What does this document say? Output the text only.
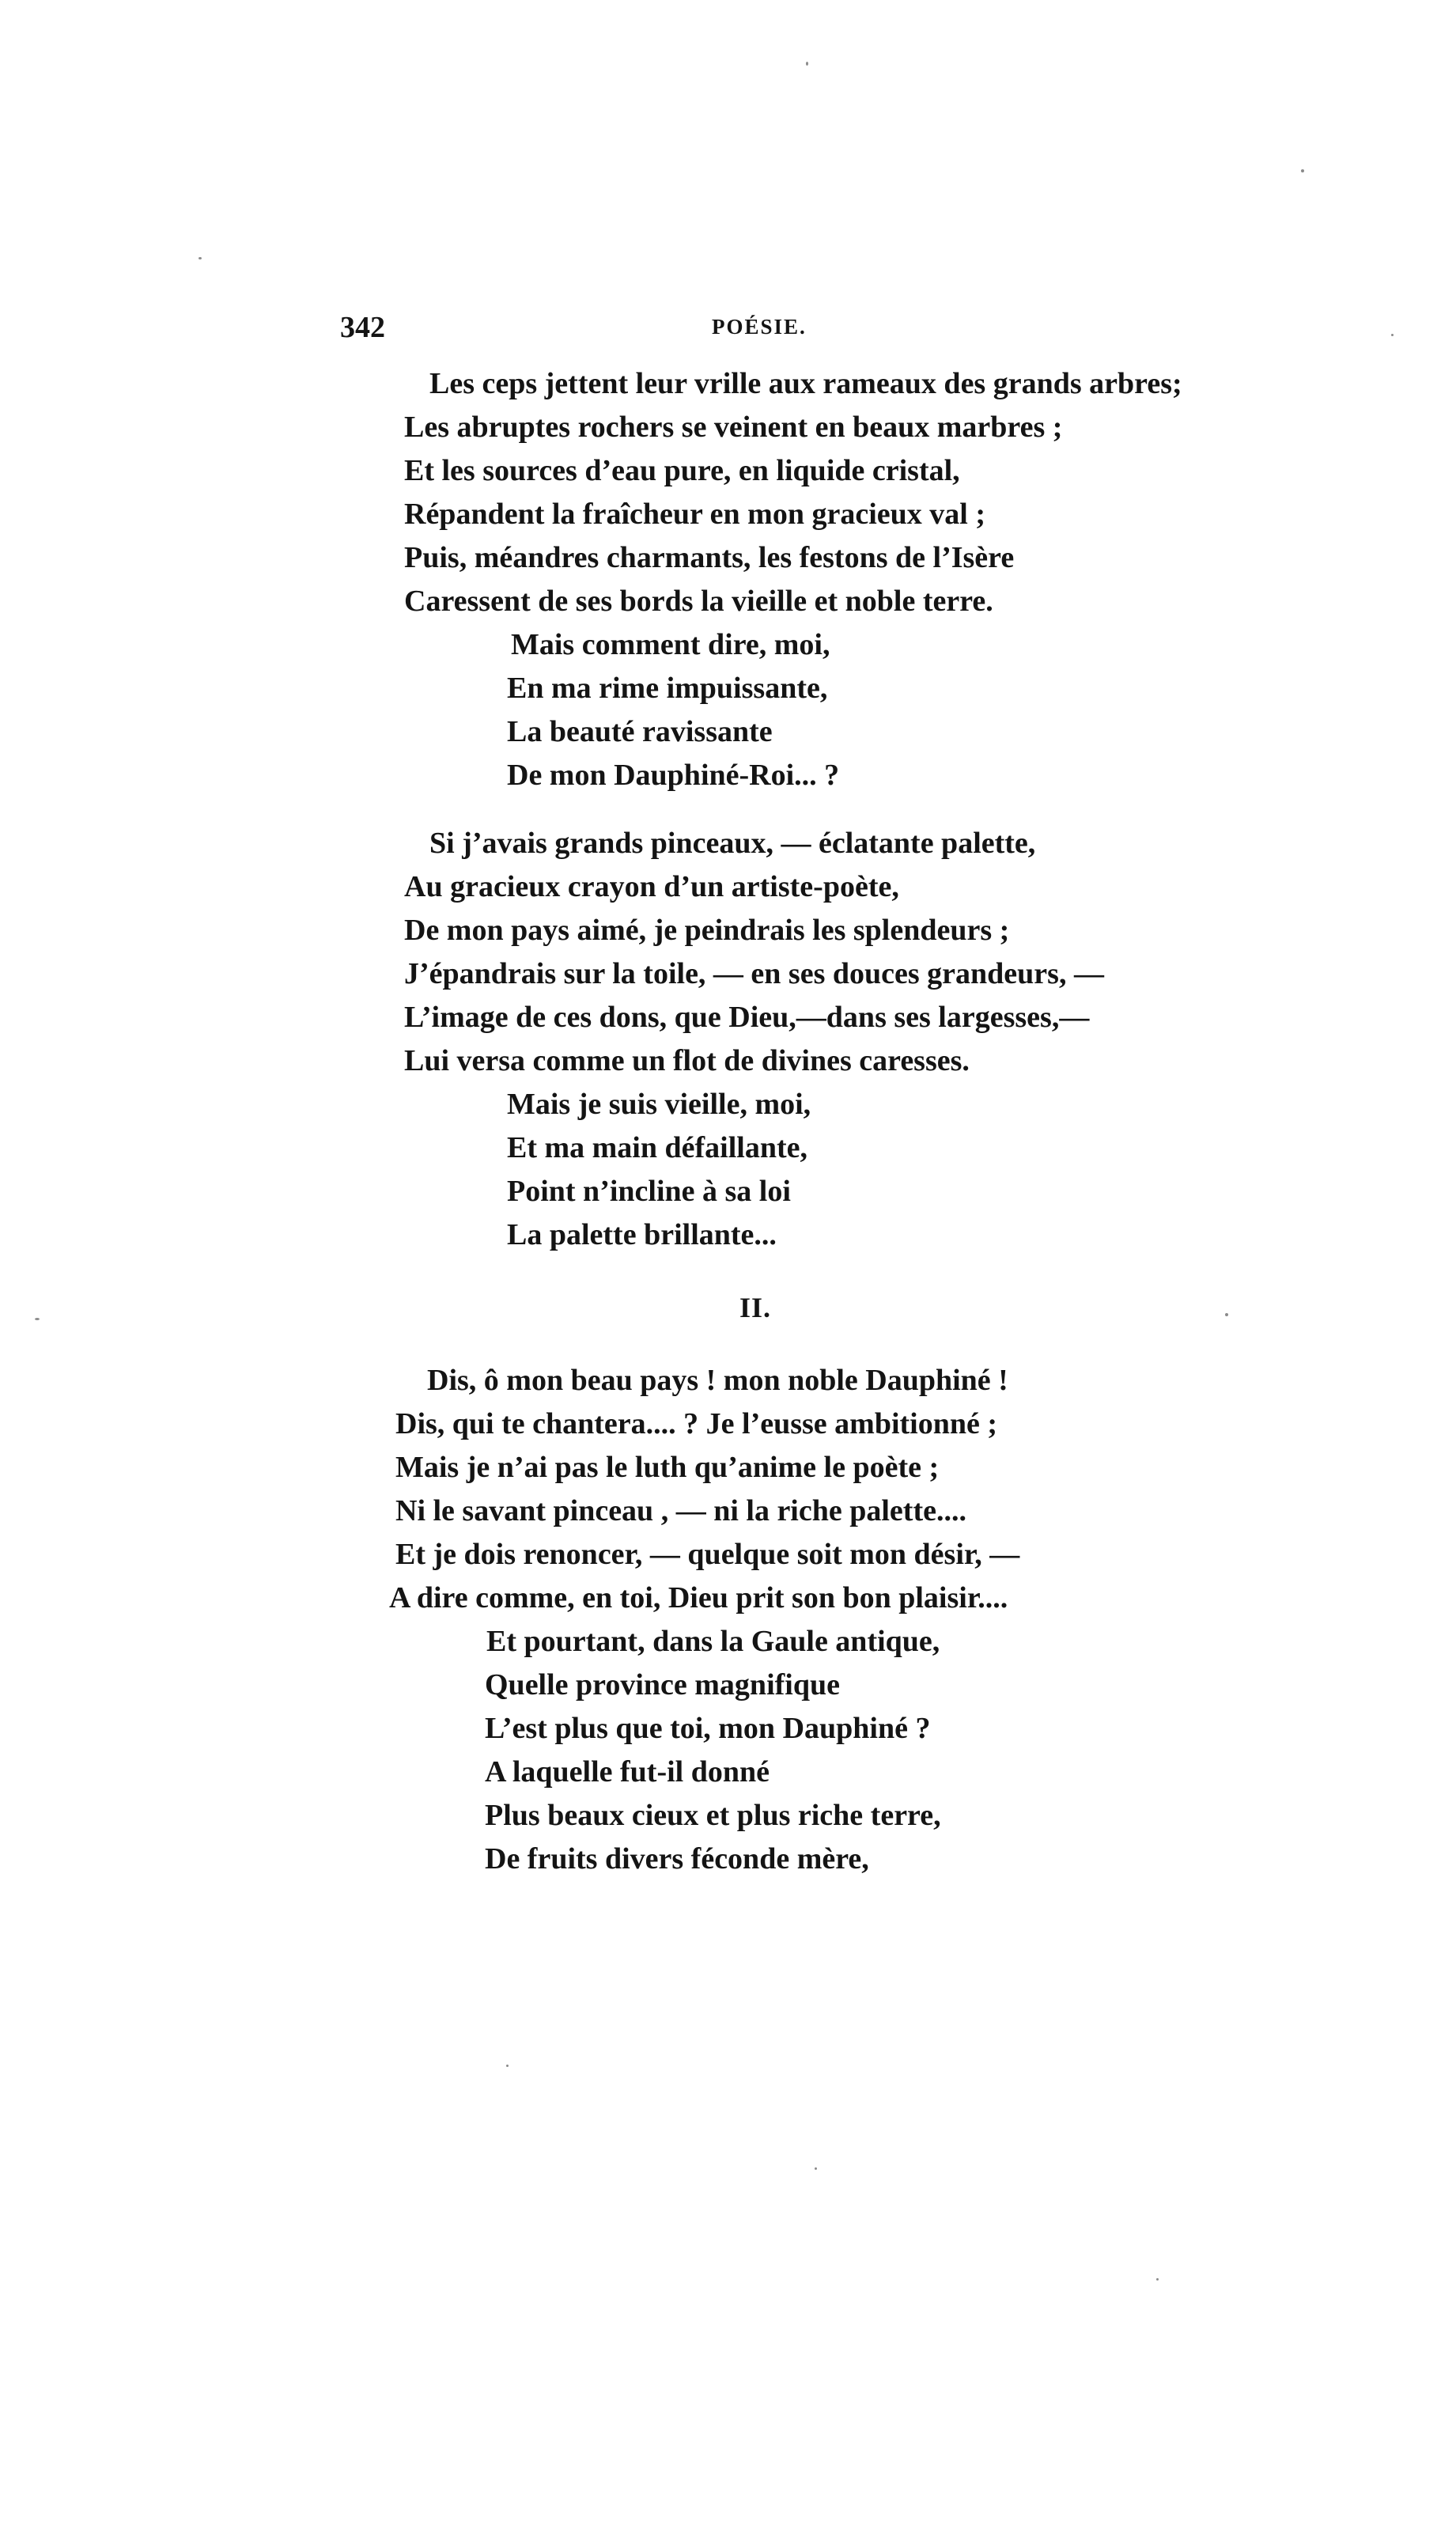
342	POÉSIE.
Les ceps jettent leur vrille aux rameaux des grands arbres;
Les abruptes rochers se veinent en beaux marbres ;
Et les sources d’eau pure, en liquide cristal,
Répandent la fraîcheur en mon gracieux val ;
Puis, méandres charmants, les festons de l’Isère
Caressent de ses bords la vieille et noble terre.
Mais comment dire, moi,
En ma rime impuissante,
La beauté ravissante
De mon Dauphiné-Roi... ?
Si j’avais grands pinceaux, — éclatante palette,
Au gracieux crayon d’un artiste-poète,
De mon pays aimé, je peindrais les splendeurs ;
J’épandrais sur la toile, — en ses douces grandeurs, —
L’image de ces dons, que Dieu,—dans ses largesses,—
Lui versa comme un flot de divines caresses.
Mais je suis vieille, moi,
Et ma main défaillante,
Point n’incline à sa loi
La palette brillante...
II.
Dis, ô mon beau pays ! mon noble Dauphiné !
Dis, qui te chantera.... ? Je l’eusse ambitionné ;
Mais je n’ai pas le luth qu’anime le poète ;
Ni le savant pinceau , — ni la riche palette....
Et je dois renoncer, — quelque soit mon désir, —
A dire comme, en toi, Dieu prit son bon plaisir....
Et pourtant, dans la Gaule antique,
Quelle province magnifique
L’est plus que toi, mon Dauphiné ?
A laquelle fut-il donné
Plus beaux cieux et plus riche terre,
De fruits divers féconde mère,
